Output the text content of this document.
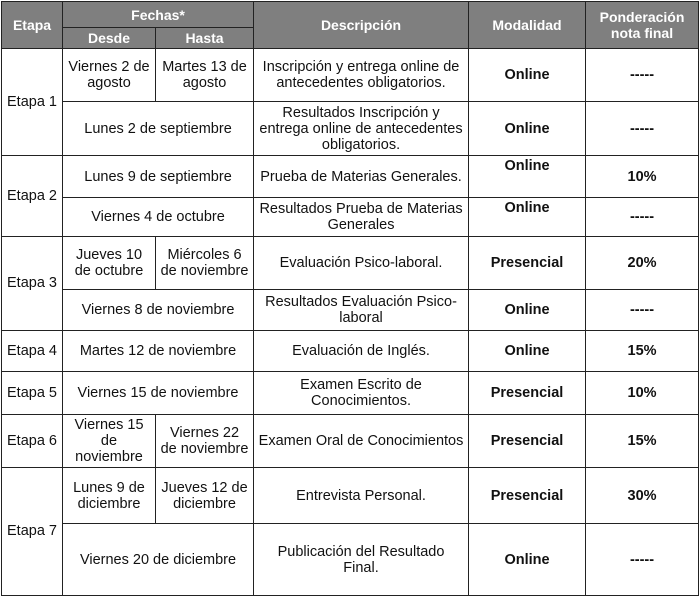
Etapa	Fechas*		Descripción	Modalidad	Ponderación nota final
	Desde	Hasta			
Etapa 1	Viernes 2 de agosto	Martes 13 de agosto	Inscripción y entrega online de antecedentes obligatorios.	Online	-----
	Lunes 2 de septiembre		Resultados Inscripción y entrega online de antecedentes obligatorios.	Online	-----
Etapa 2	Lunes 9 de septiembre		Prueba de Materias Generales.	Online	10%
	Viernes 4 de octubre		Resultados Prueba de Materias Generales	Online	-----
Etapa 3	Jueves 10 de octubre	Miércoles 6 de noviembre	Evaluación Psico-laboral.	Presencial	20%
	Viernes 8 de noviembre		Resultados Evaluación Psico-laboral	Online	-----
Etapa 4	Martes 12 de noviembre		Evaluación de Inglés.	Online	15%
Etapa 5	Viernes 15 de noviembre		Examen Escrito de Conocimientos.	Presencial	10%
Etapa 6	Viernes 15 de noviembre	Viernes 22 de noviembre	Examen Oral de Conocimientos	Presencial	15%
Etapa 7	Lunes 9 de diciembre	Jueves 12 de diciembre	Entrevista Personal.	Presencial	30%
	Viernes 20 de diciembre		Publicación del Resultado Final.	Online	-----
